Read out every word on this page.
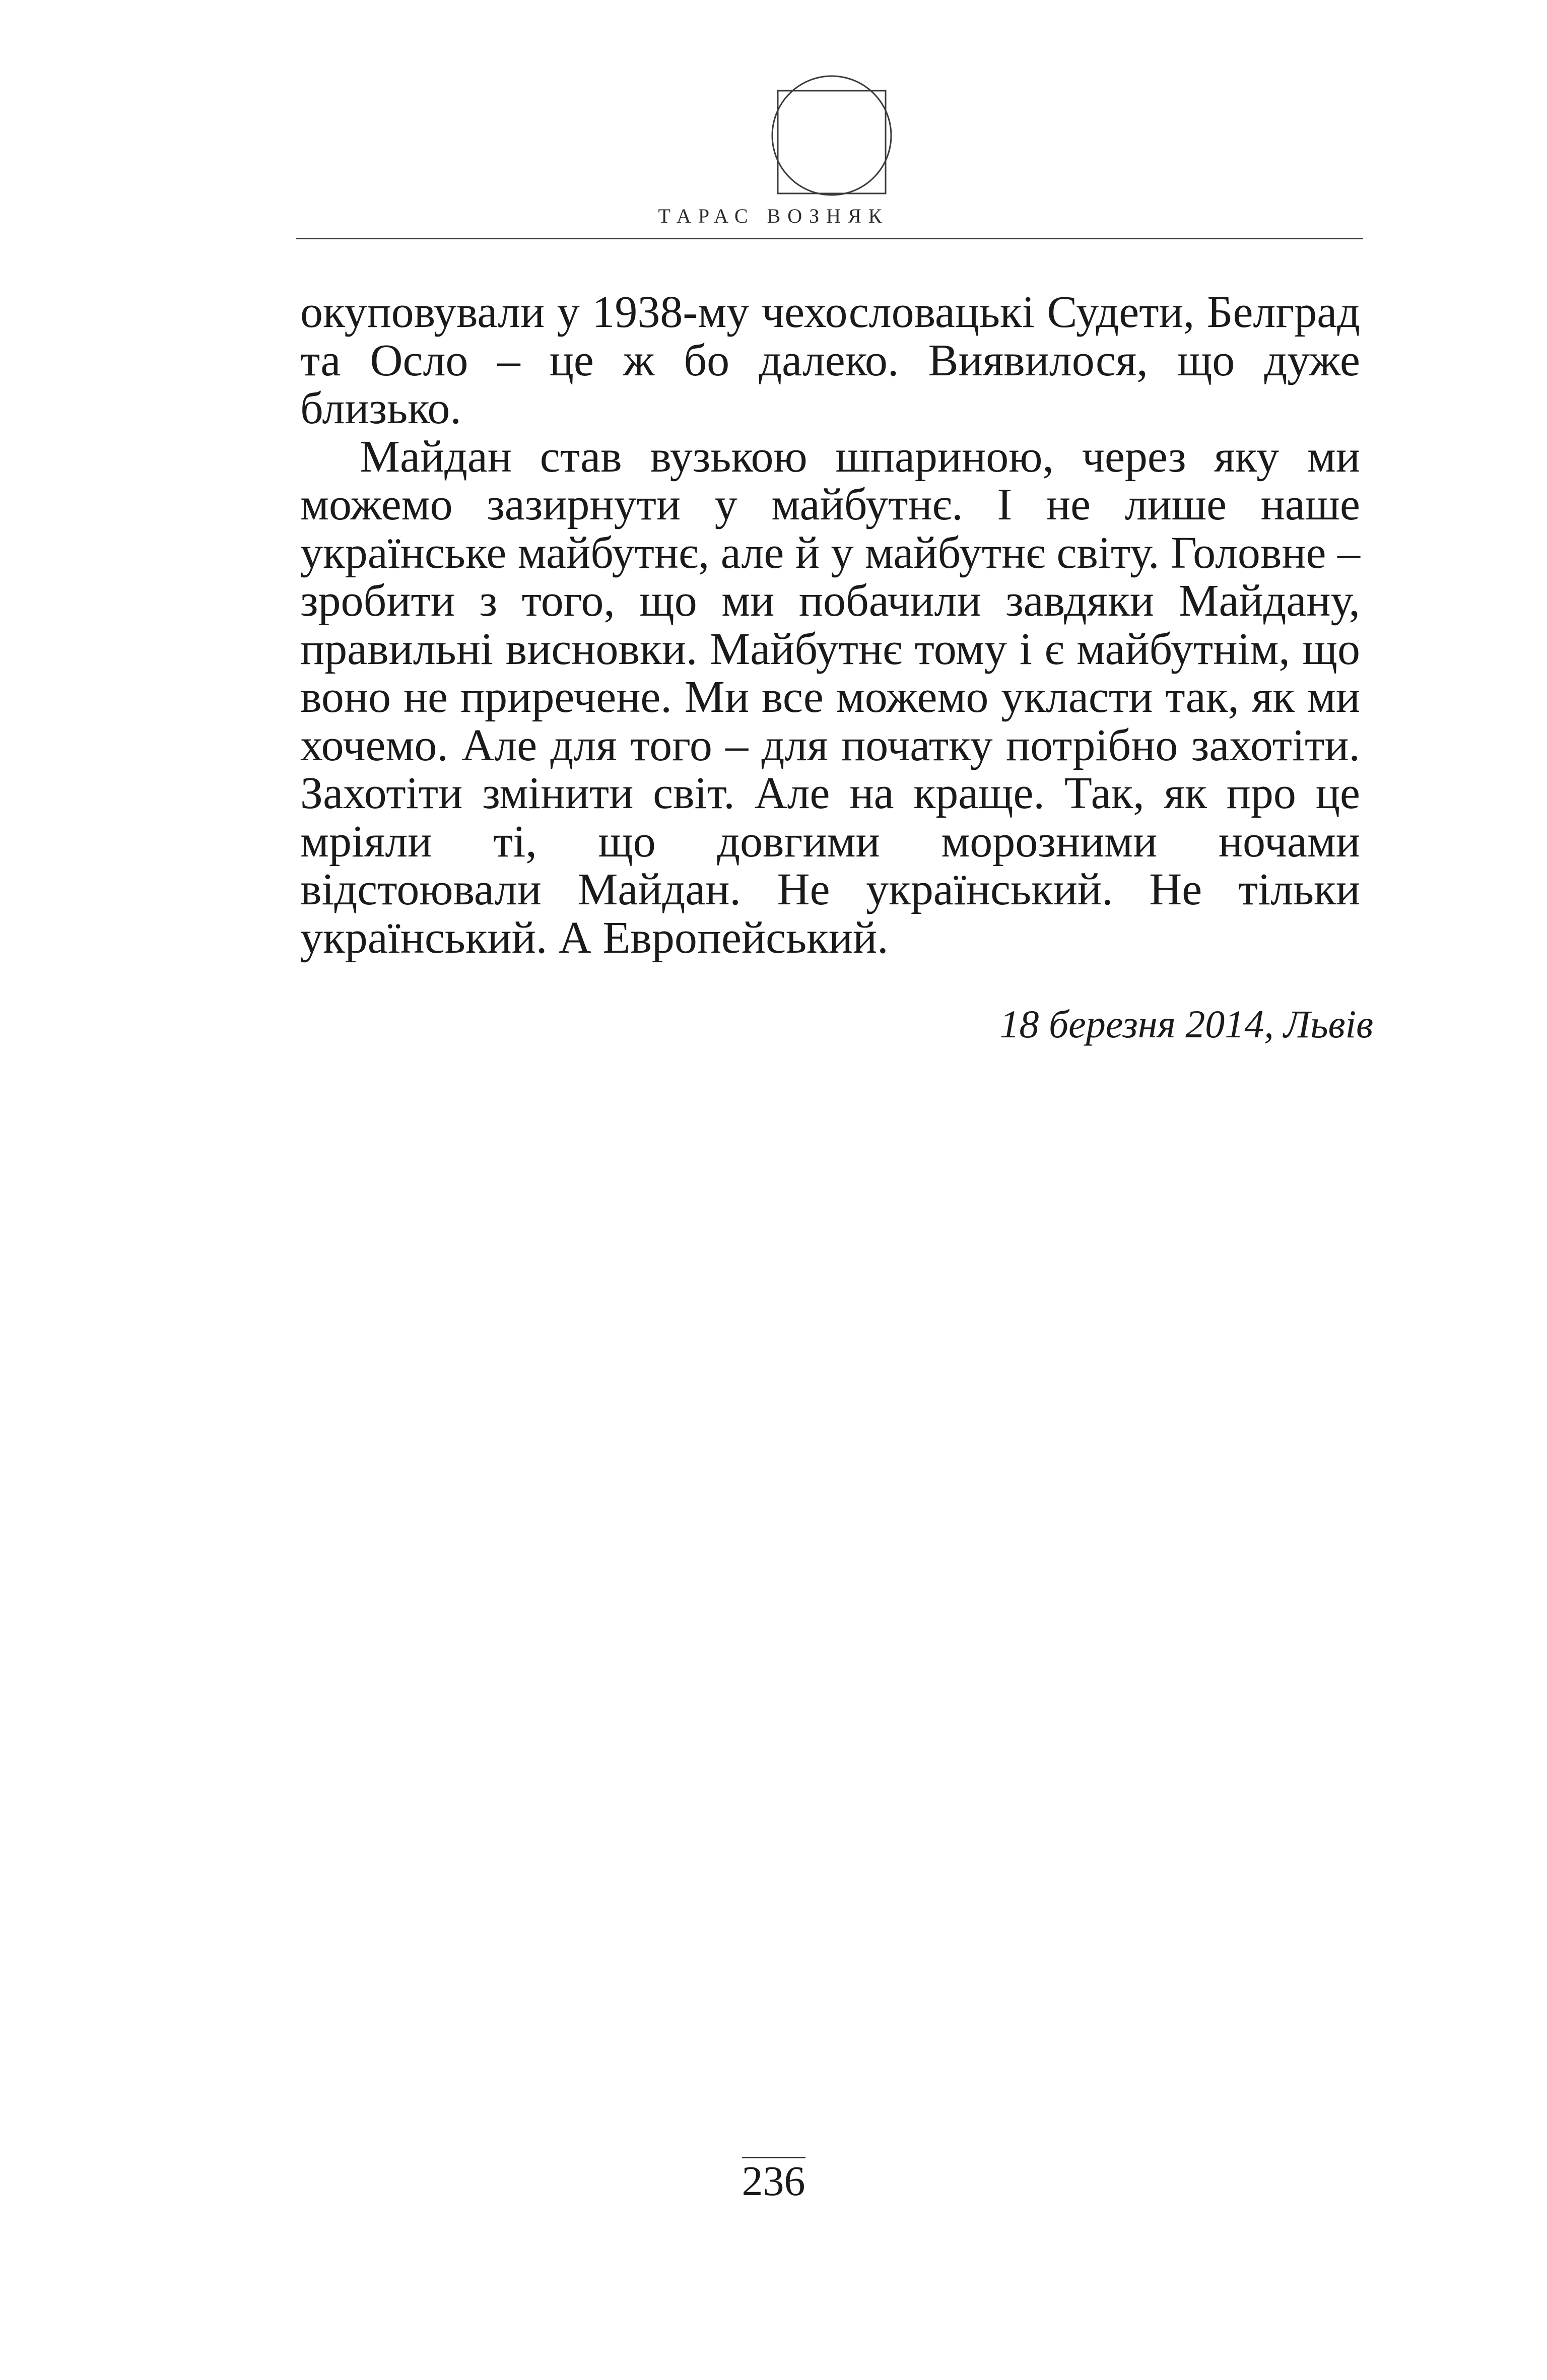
ТАРАС ВОЗНЯК

окуповували у 1938-му чехословацькі Судети, Белград та Осло – це ж бо далеко. Виявилося, що дуже близько.

Майдан став вузькою шпариною, через яку ми можемо зазирнути у майбутнє. І не лише наше українське майбутнє, але й у майбутнє світу. Головне – зробити з того, що ми побачили завдяки Майдану, правильні висновки. Майбутнє тому і є майбутнім, що воно не приречене. Ми все можемо укласти так, як ми хочемо. Але для того – для початку потрібно захотіти. Захотіти змінити світ. Але на краще. Так, як про це мріяли ті, що довгими морозними ночами відстоювали Майдан. Не український. Не тільки український. А Европейський.

18 березня 2014, Львів

236
